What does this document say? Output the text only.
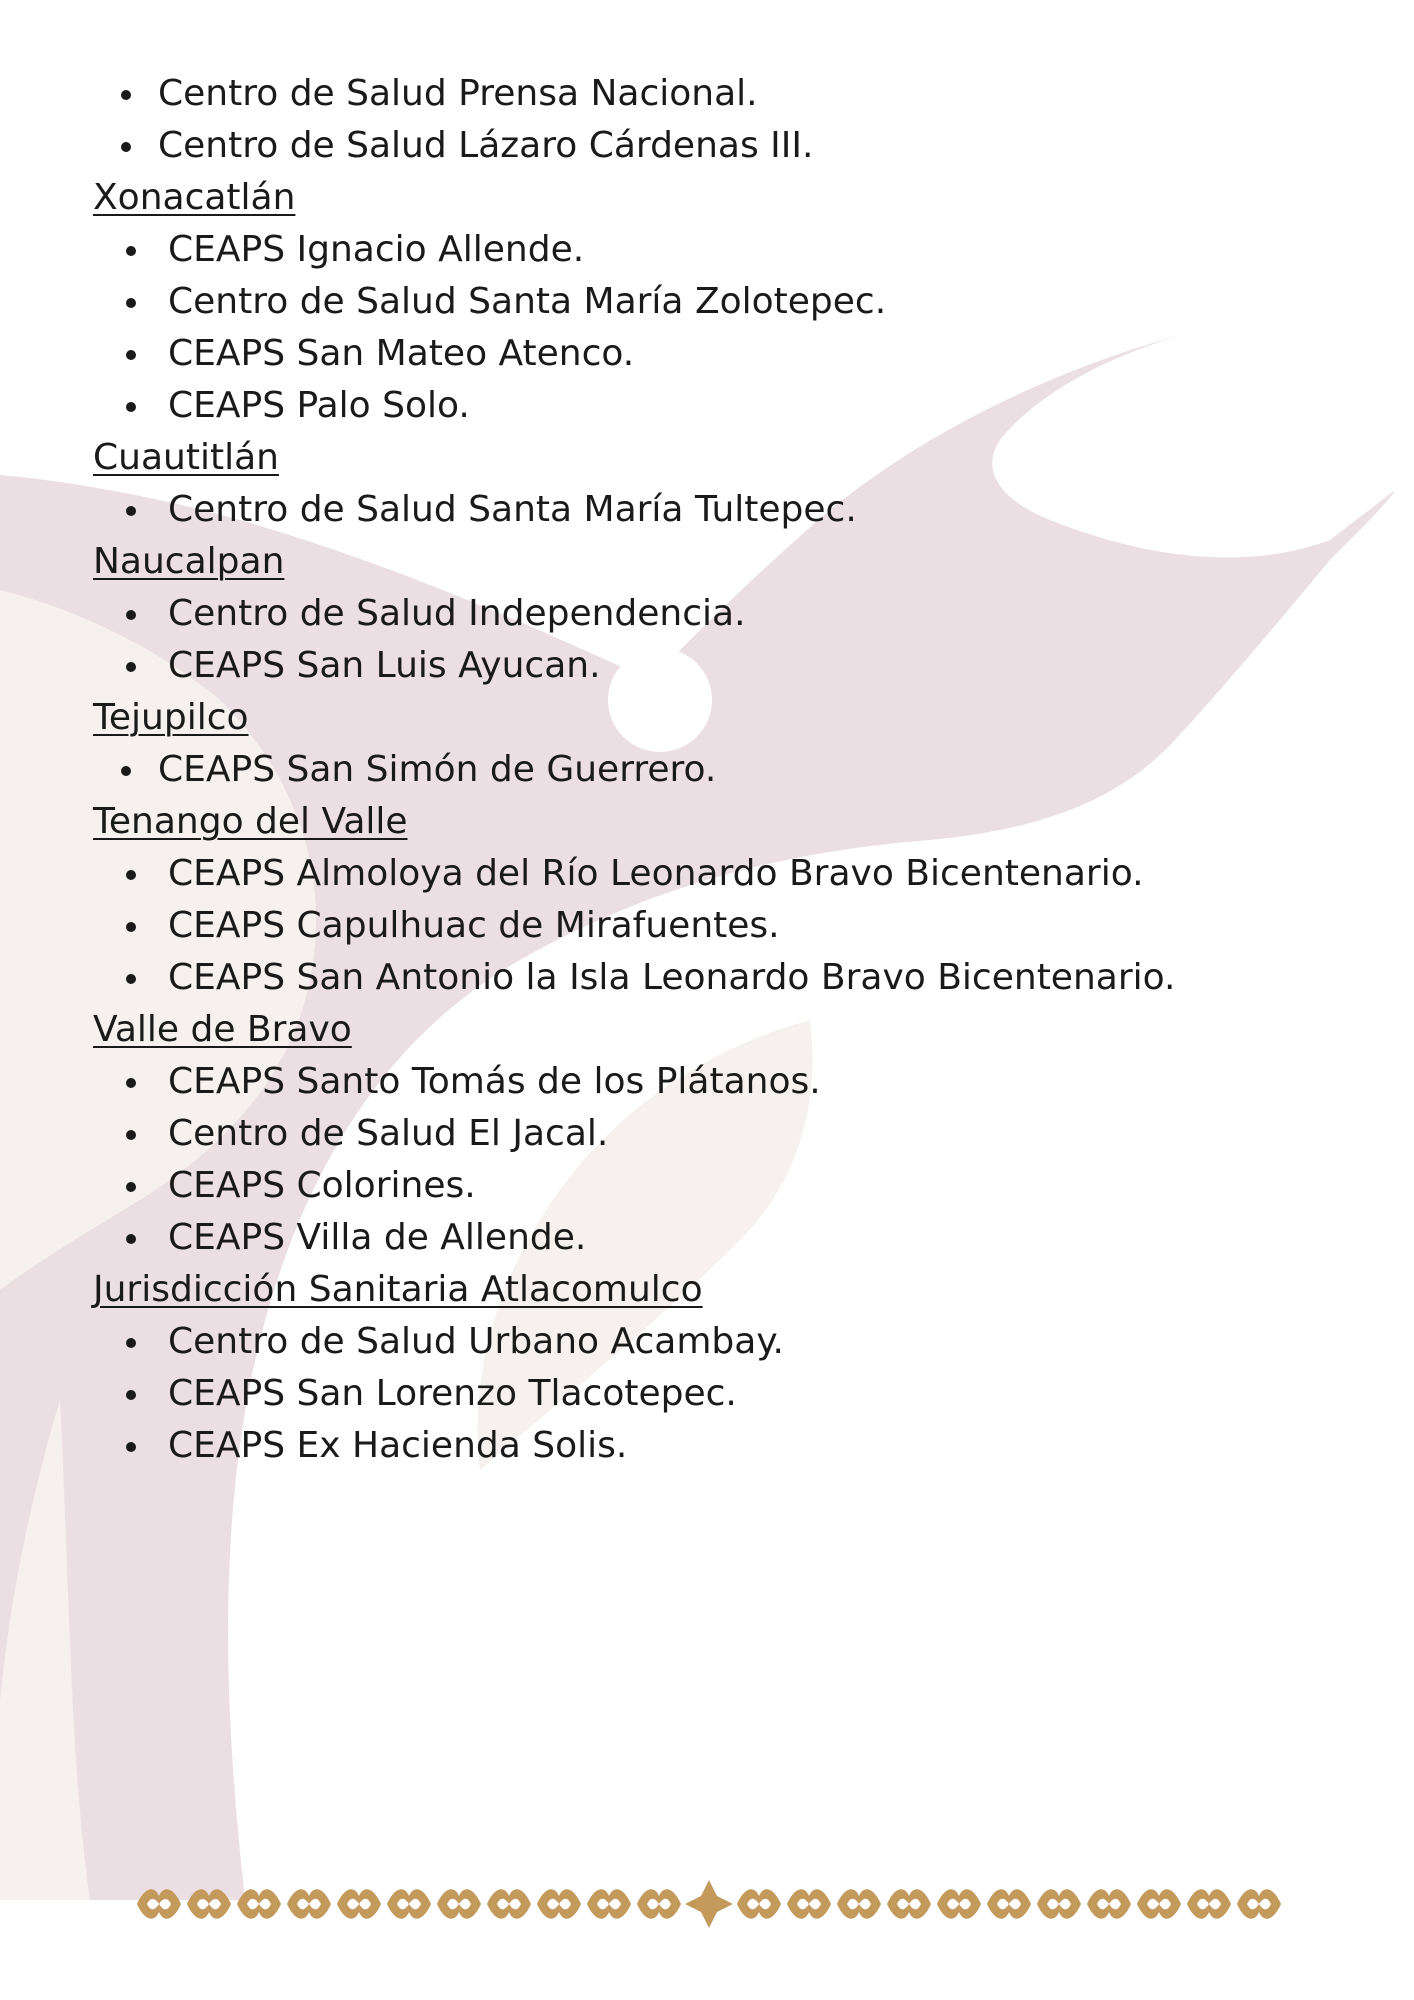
Centro de Salud Prensa Nacional.
Centro de Salud Lázaro Cárdenas III.
Xonacatlán
CEAPS Ignacio Allende.
Centro de Salud Santa María Zolotepec.
CEAPS San Mateo Atenco.
CEAPS Palo Solo.
Cuautitlán
Centro de Salud Santa María Tultepec.
Naucalpan
Centro de Salud Independencia.
CEAPS San Luis Ayucan.
Tejupilco
CEAPS San Simón de Guerrero.
Tenango del Valle
CEAPS Almoloya del Río Leonardo Bravo Bicentenario.
CEAPS Capulhuac de Mirafuentes.
CEAPS San Antonio la Isla Leonardo Bravo Bicentenario.
Valle de Bravo
CEAPS Santo Tomás de los Plátanos.
Centro de Salud El Jacal.
CEAPS Colorines.
CEAPS Villa de Allende.
Jurisdicción Sanitaria Atlacomulco
Centro de Salud Urbano Acambay.
CEAPS San Lorenzo Tlacotepec.
CEAPS Ex Hacienda Solis.
